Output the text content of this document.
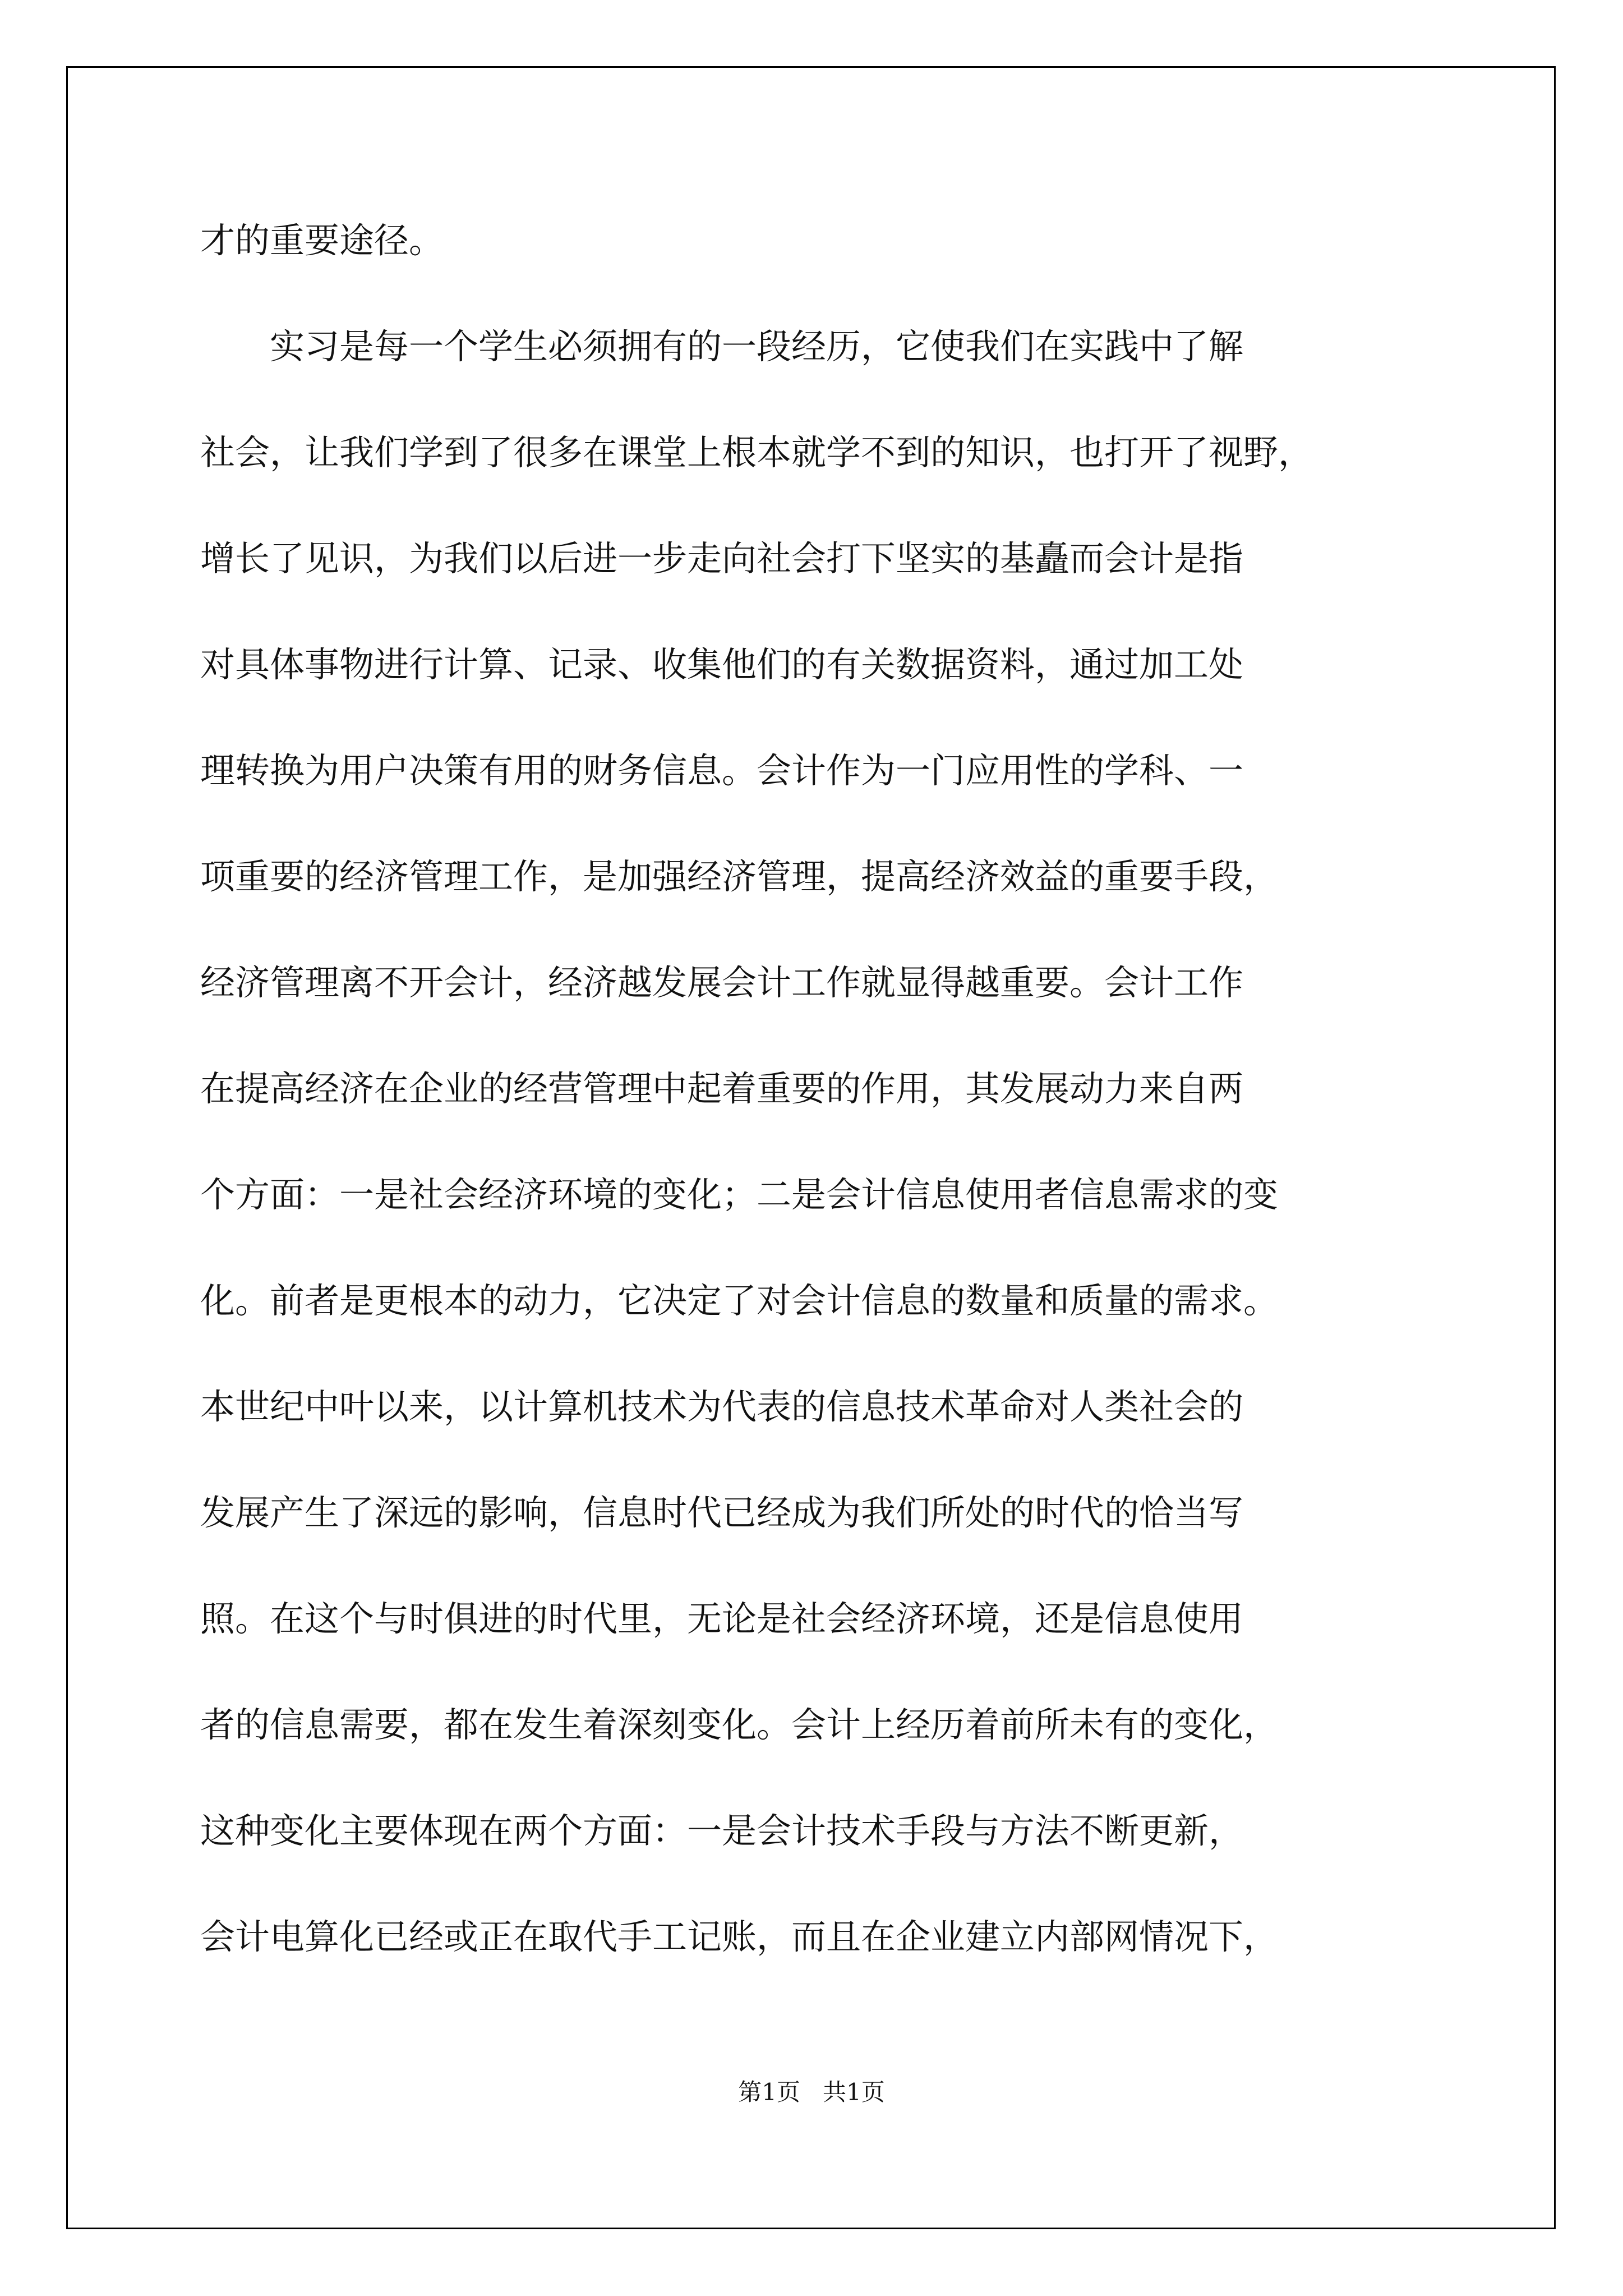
才的重要途径。

　　实习是每一个学生必须拥有的一段经历，它使我们在实践中了解

社会，让我们学到了很多在课堂上根本就学不到的知识，也打开了视野，

增长了见识，为我们以后进一步走向社会打下坚实的基矗而会计是指

对具体事物进行计算、记录、收集他们的有关数据资料，通过加工处

理转换为用户决策有用的财务信息。会计作为一门应用性的学科、一

项重要的经济管理工作，是加强经济管理，提高经济效益的重要手段，

经济管理离不开会计，经济越发展会计工作就显得越重要。会计工作

在提高经济在企业的经营管理中起着重要的作用，其发展动力来自两

个方面：一是社会经济环境的变化；二是会计信息使用者信息需求的变

化。前者是更根本的动力，它决定了对会计信息的数量和质量的需求。

本世纪中叶以来，以计算机技术为代表的信息技术革命对人类社会的

发展产生了深远的影响，信息时代已经成为我们所处的时代的恰当写

照。在这个与时俱进的时代里，无论是社会经济环境，还是信息使用

者的信息需要，都在发生着深刻变化。会计上经历着前所未有的变化，

这种变化主要体现在两个方面：一是会计技术手段与方法不断更新，

会计电算化已经或正在取代手工记账，而且在企业建立内部网情况下，

第1页   共1页
